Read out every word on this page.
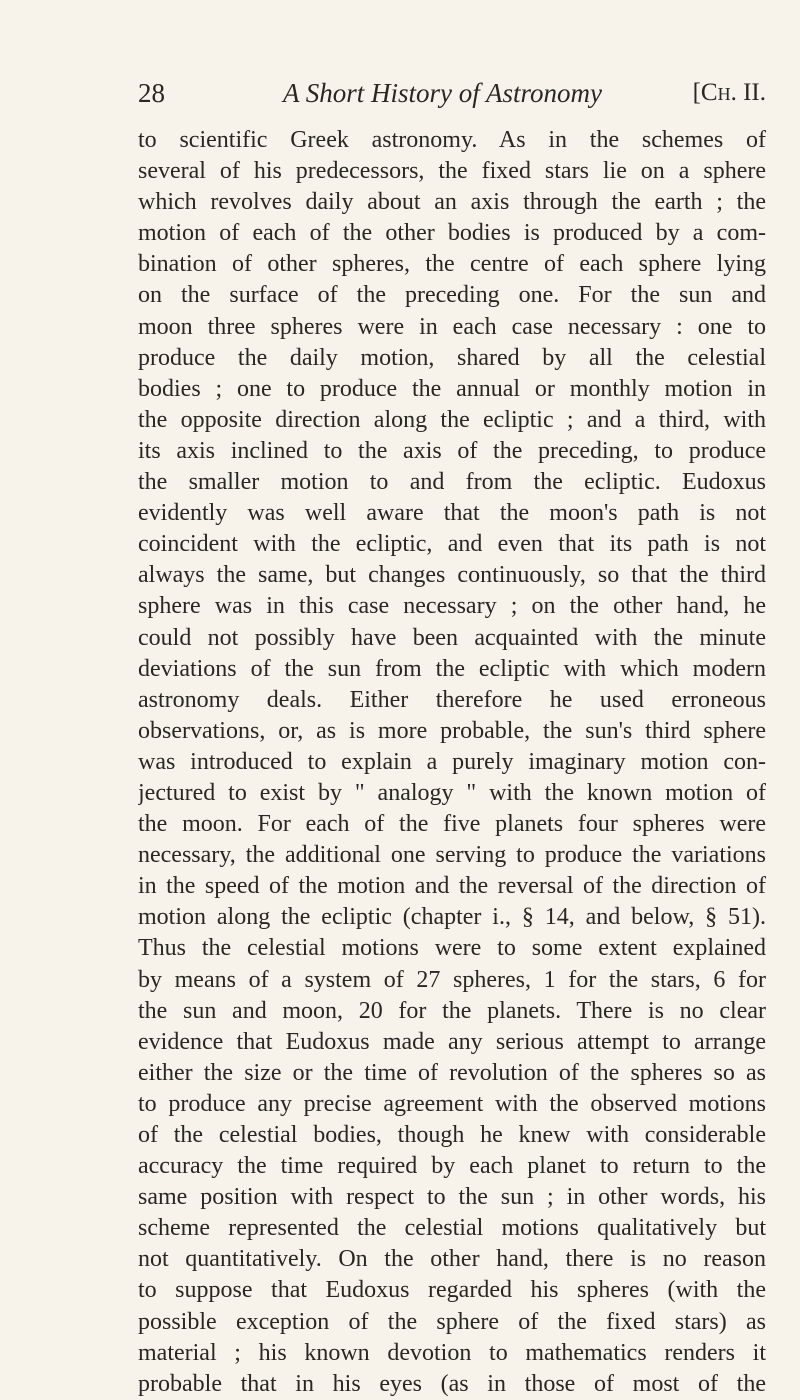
28	A Short History of Astronomy	[Ch. II.
to scientific Greek astronomy. As in the schemes of
several of his predecessors, the fixed stars lie on a sphere
which revolves daily about an axis through the earth ; the
motion of each of the other bodies is produced by a com-
bination of other spheres, the centre of each sphere lying
on the surface of the preceding one. For the sun and
moon three spheres were in each case necessary : one to
produce the daily motion, shared by all the celestial
bodies ; one to produce the annual or monthly motion in
the opposite direction along the ecliptic ; and a third, with
its axis inclined to the axis of the preceding, to produce
the smaller motion to and from the ecliptic. Eudoxus
evidently was well aware that the moon's path is not
coincident with the ecliptic, and even that its path is not
always the same, but changes continuously, so that the third
sphere was in this case necessary ; on the other hand, he
could not possibly have been acquainted with the minute
deviations of the sun from the ecliptic with which modern
astronomy deals. Either therefore he used erroneous
observations, or, as is more probable, the sun's third sphere
was introduced to explain a purely imaginary motion con-
jectured to exist by " analogy " with the known motion of
the moon. For each of the five planets four spheres were
necessary, the additional one serving to produce the variations
in the speed of the motion and the reversal of the direction of
motion along the ecliptic (chapter i., § 14, and below, § 51).
Thus the celestial motions were to some extent explained
by means of a system of 27 spheres, 1 for the stars, 6 for
the sun and moon, 20 for the planets. There is no clear
evidence that Eudoxus made any serious attempt to arrange
either the size or the time of revolution of the spheres so as
to produce any precise agreement with the observed motions
of the celestial bodies, though he knew with considerable
accuracy the time required by each planet to return to the
same position with respect to the sun ; in other words, his
scheme represented the celestial motions qualitatively but
not quantitatively. On the other hand, there is no reason
to suppose that Eudoxus regarded his spheres (with the
possible exception of the sphere of the fixed stars) as
material ; his known devotion to mathematics renders it
probable that in his eyes (as in those of most of the
